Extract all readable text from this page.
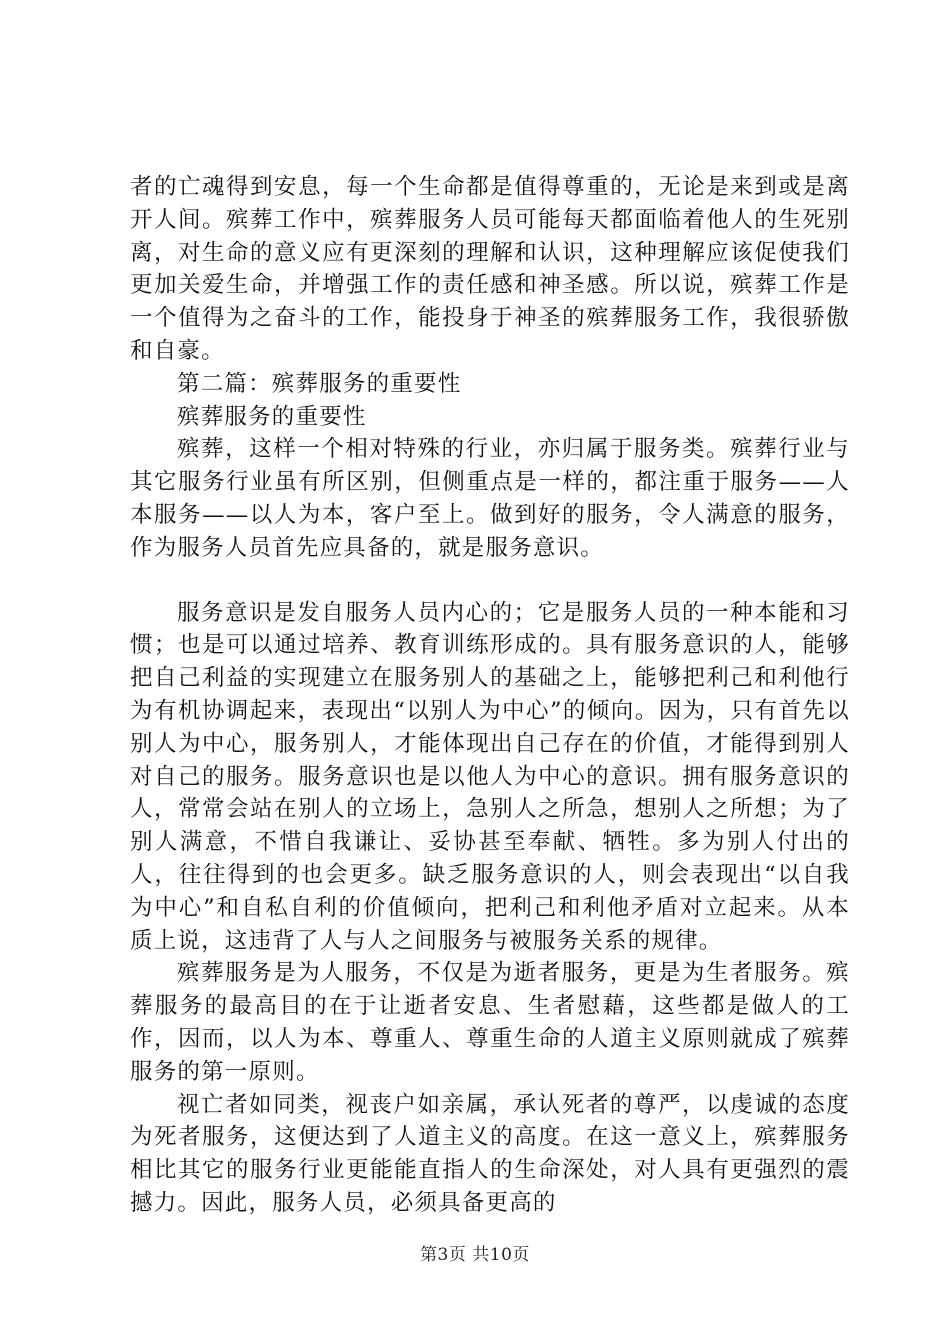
者的亡魂得到安息，每一个生命都是值得尊重的，无论是来到或是离开人间。殡葬工作中，殡葬服务人员可能每天都面临着他人的生死别离，对生命的意义应有更深刻的理解和认识，这种理解应该促使我们更加关爱生命，并增强工作的责任感和神圣感。所以说，殡葬工作是一个值得为之奋斗的工作，能投身于神圣的殡葬服务工作，我很骄傲和自豪。

第二篇：殡葬服务的重要性

殡葬服务的重要性

殡葬，这样一个相对特殊的行业，亦归属于服务类。殡葬行业与其它服务行业虽有所区别，但侧重点是一样的，都注重于服务——人本服务——以人为本，客户至上。做到好的服务，令人满意的服务，作为服务人员首先应具备的，就是服务意识。

服务意识是发自服务人员内心的；它是服务人员的一种本能和习惯；也是可以通过培养、教育训练形成的。具有服务意识的人，能够把自己利益的实现建立在服务别人的基础之上，能够把利己和利他行为有机协调起来，表现出“以别人为中心”的倾向。因为，只有首先以别人为中心，服务别人，才能体现出自己存在的价值，才能得到别人对自己的服务。服务意识也是以他人为中心的意识。拥有服务意识的人，常常会站在别人的立场上，急别人之所急，想别人之所想；为了别人满意，不惜自我谦让、妥协甚至奉献、牺牲。多为别人付出的人，往往得到的也会更多。缺乏服务意识的人，则会表现出“以自我为中心”和自私自利的价值倾向，把利己和利他矛盾对立起来。从本质上说，这违背了人与人之间服务与被服务关系的规律。

殡葬服务是为人服务，不仅是为逝者服务，更是为生者服务。殡葬服务的最高目的在于让逝者安息、生者慰藉，这些都是做人的工作，因而，以人为本、尊重人、尊重生命的人道主义原则就成了殡葬服务的第一原则。

视亡者如同类，视丧户如亲属，承认死者的尊严，以虔诚的态度为死者服务，这便达到了人道主义的高度。在这一意义上，殡葬服务相比其它的服务行业更能能直指人的生命深处，对人具有更强烈的震撼力。因此，服务人员，必须具备更高的

第3页 共10页
